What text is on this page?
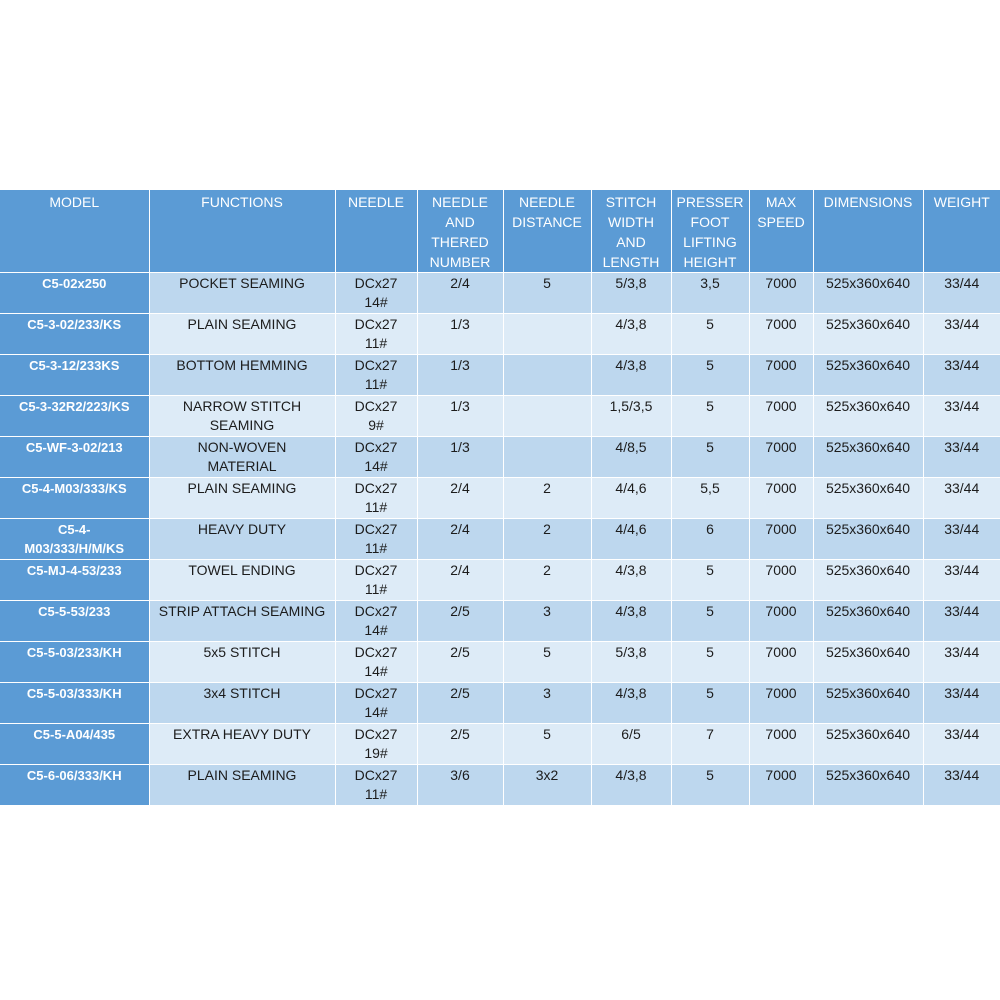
MODEL	FUNCTIONS	NEEDLE	NEEDLE
AND
THERED
NUMBER	NEEDLE
DISTANCE	STITCH
WIDTH
AND
LENGTH	PRESSER
FOOT
LIFTING
HEIGHT	MAX
SPEED	DIMENSIONS	WEIGHT
C5-02x250	POCKET SEAMING	DCx27
14#	2/4	5	5/3,8	3,5	7000	525x360x640	33/44
C5-3-02/233/KS	PLAIN SEAMING	DCx27
11#	1/3		4/3,8	5	7000	525x360x640	33/44
C5-3-12/233KS	BOTTOM HEMMING	DCx27
11#	1/3		4/3,8	5	7000	525x360x640	33/44
C5-3-32R2/223/KS	NARROW STITCH
SEAMING	DCx27
9#	1/3		1,5/3,5	5	7000	525x360x640	33/44
C5-WF-3-02/213	NON-WOVEN
MATERIAL	DCx27
14#	1/3		4/8,5	5	7000	525x360x640	33/44
C5-4-M03/333/KS	PLAIN SEAMING	DCx27
11#	2/4	2	4/4,6	5,5	7000	525x360x640	33/44
C5-4-
M03/333/H/M/KS	HEAVY DUTY	DCx27
11#	2/4	2	4/4,6	6	7000	525x360x640	33/44
C5-MJ-4-53/233	TOWEL ENDING	DCx27
11#	2/4	2	4/3,8	5	7000	525x360x640	33/44
C5-5-53/233	STRIP ATTACH SEAMING	DCx27
14#	2/5	3	4/3,8	5	7000	525x360x640	33/44
C5-5-03/233/KH	5x5 STITCH	DCx27
14#	2/5	5	5/3,8	5	7000	525x360x640	33/44
C5-5-03/333/KH	3x4 STITCH	DCx27
14#	2/5	3	4/3,8	5	7000	525x360x640	33/44
C5-5-A04/435	EXTRA HEAVY DUTY	DCx27
19#	2/5	5	6/5	7	7000	525x360x640	33/44
C5-6-06/333/KH	PLAIN SEAMING	DCx27
11#	3/6	3x2	4/3,8	5	7000	525x360x640	33/44
